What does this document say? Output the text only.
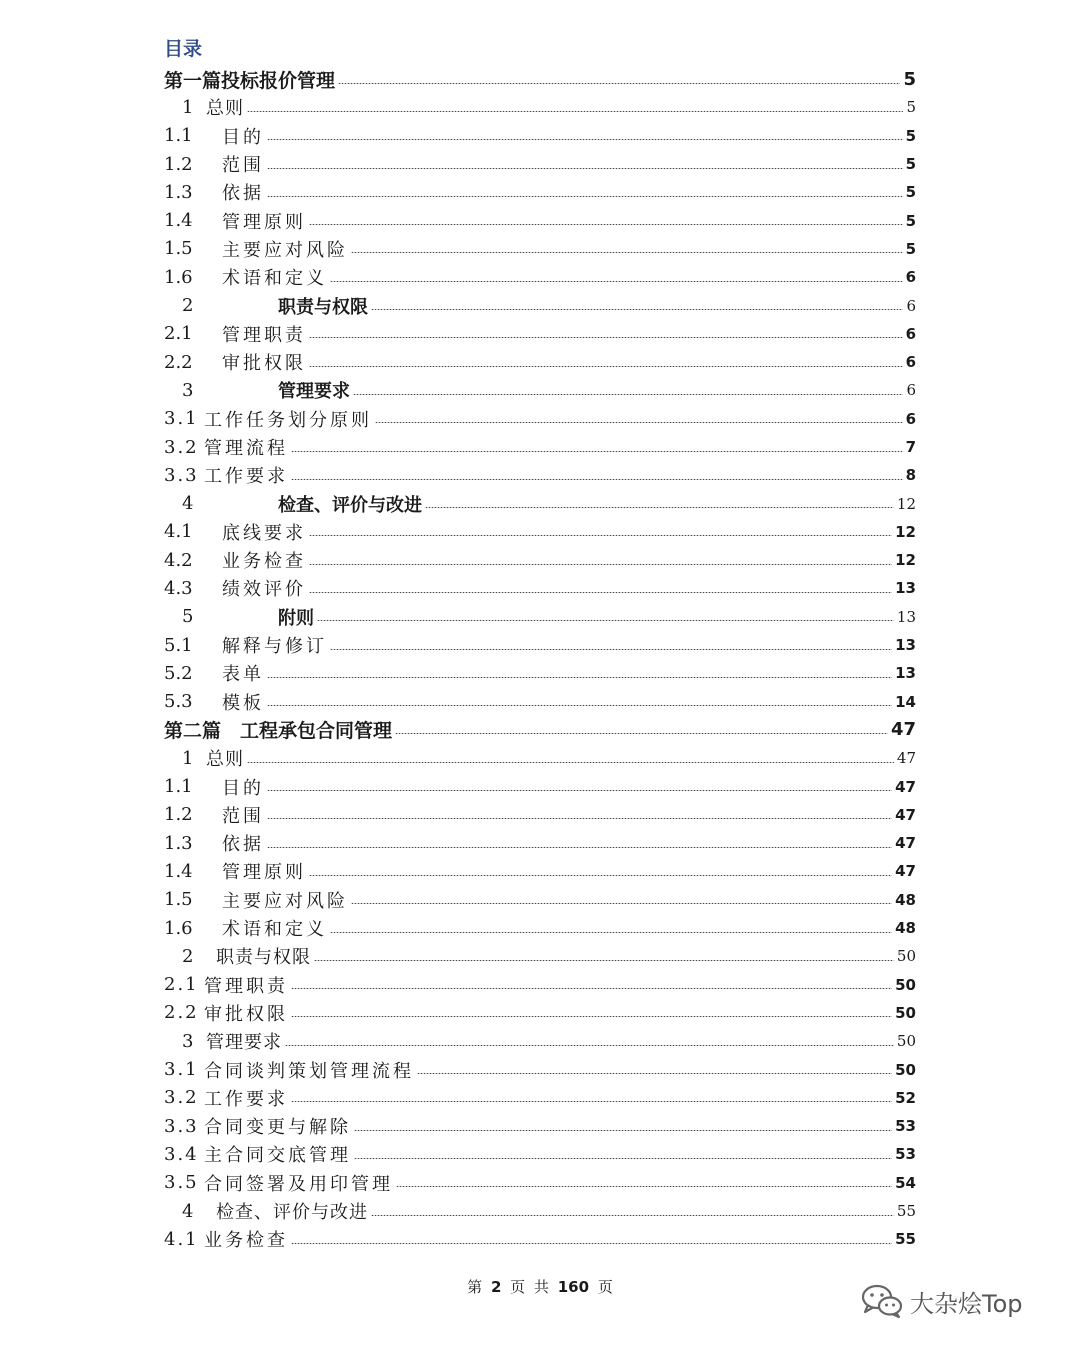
目录
第一篇投标报价管理	5
1 总则	5
1.1	目的	5
1.2	范围	5
1.3	依据	5
1.4	管理原则	5
1.5	主要应对风险	5
1.6	术语和定义	6
2	职责与权限	6
2.1	管理职责	6
2.2	审批权限	6
3	管理要求	6
3.1 工作任务划分原则	6
3.2 管理流程	7
3.3 工作要求	8
4	检查、评价与改进	12
4.1	底线要求	12
4.2	业务检查	12
4.3	绩效评价	13
5	附则	13
5.1	解释与修订	13
5.2	表单	13
5.3	模板	14
第二篇　工程承包合同管理	47
1 总则	47
1.1	目的	47
1.2	范围	47
1.3	依据	47
1.4	管理原则	47
1.5	主要应对风险	48
1.6	术语和定义	48
2	职责与权限	50
2.1 管理职责	50
2.2 审批权限	50
3 管理要求	50
3.1 合同谈判策划管理流程	50
3.2 工作要求	52
3.3 合同变更与解除	53
3.4 主合同交底管理	53
3.5 合同签署及用印管理	54
4	检查、评价与改进	55
4.1 业务检查	55
第 2 页 共 160 页
大杂烩Top
